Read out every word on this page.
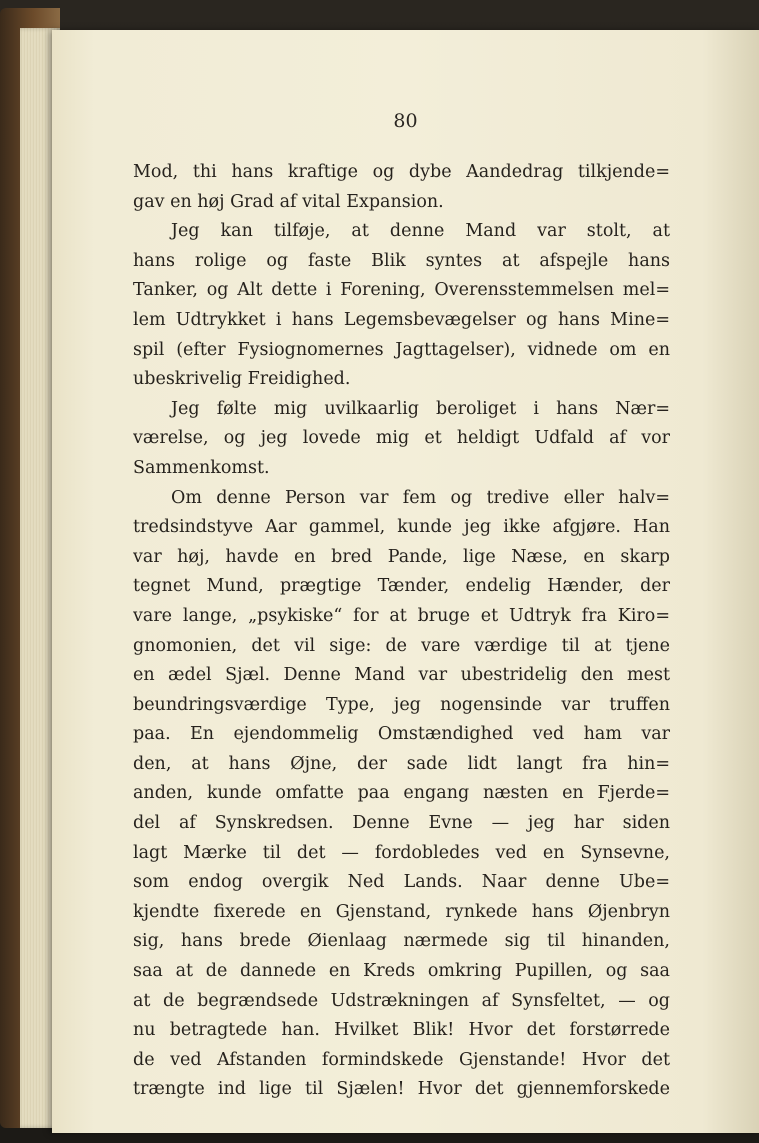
80
Mod, thi hans kraftige og dybe Aandedrag tilkjende=
gav en høj Grad af vital Expansion.
Jeg kan tilføje, at denne Mand var stolt, at
hans rolige og faste Blik syntes at afspejle hans
Tanker, og Alt dette i Forening, Overensstemmelsen mel=
lem Udtrykket i hans Legemsbevægelser og hans Mine=
spil (efter Fysiognomernes Jagttagelser), vidnede om en
ubeskrivelig Freidighed.
Jeg følte mig uvilkaarlig beroliget i hans Nær=
værelse, og jeg lovede mig et heldigt Udfald af vor
Sammenkomst.
Om denne Person var fem og tredive eller halv=
tredsindstyve Aar gammel, kunde jeg ikke afgjøre. Han
var høj, havde en bred Pande, lige Næse, en skarp
tegnet Mund, prægtige Tænder, endelig Hænder, der
vare lange, „psykiske“ for at bruge et Udtryk fra Kiro=
gnomonien, det vil sige: de vare værdige til at tjene
en ædel Sjæl. Denne Mand var ubestridelig den mest
beundringsværdige Type, jeg nogensinde var truffen
paa. En ejendommelig Omstændighed ved ham var
den, at hans Øjne, der sade lidt langt fra hin=
anden, kunde omfatte paa engang næsten en Fjerde=
del af Synskredsen. Denne Evne — jeg har siden
lagt Mærke til det — fordobledes ved en Synsevne,
som endog overgik Ned Lands. Naar denne Ube=
kjendte fixerede en Gjenstand, rynkede hans Øjenbryn
sig, hans brede Øienlaag nærmede sig til hinanden,
saa at de dannede en Kreds omkring Pupillen, og saa
at de begrændsede Udstrækningen af Synsfeltet, — og
nu betragtede han. Hvilket Blik! Hvor det forstørrede
de ved Afstanden formindskede Gjenstande! Hvor det
trængte ind lige til Sjælen! Hvor det gjennemforskede
